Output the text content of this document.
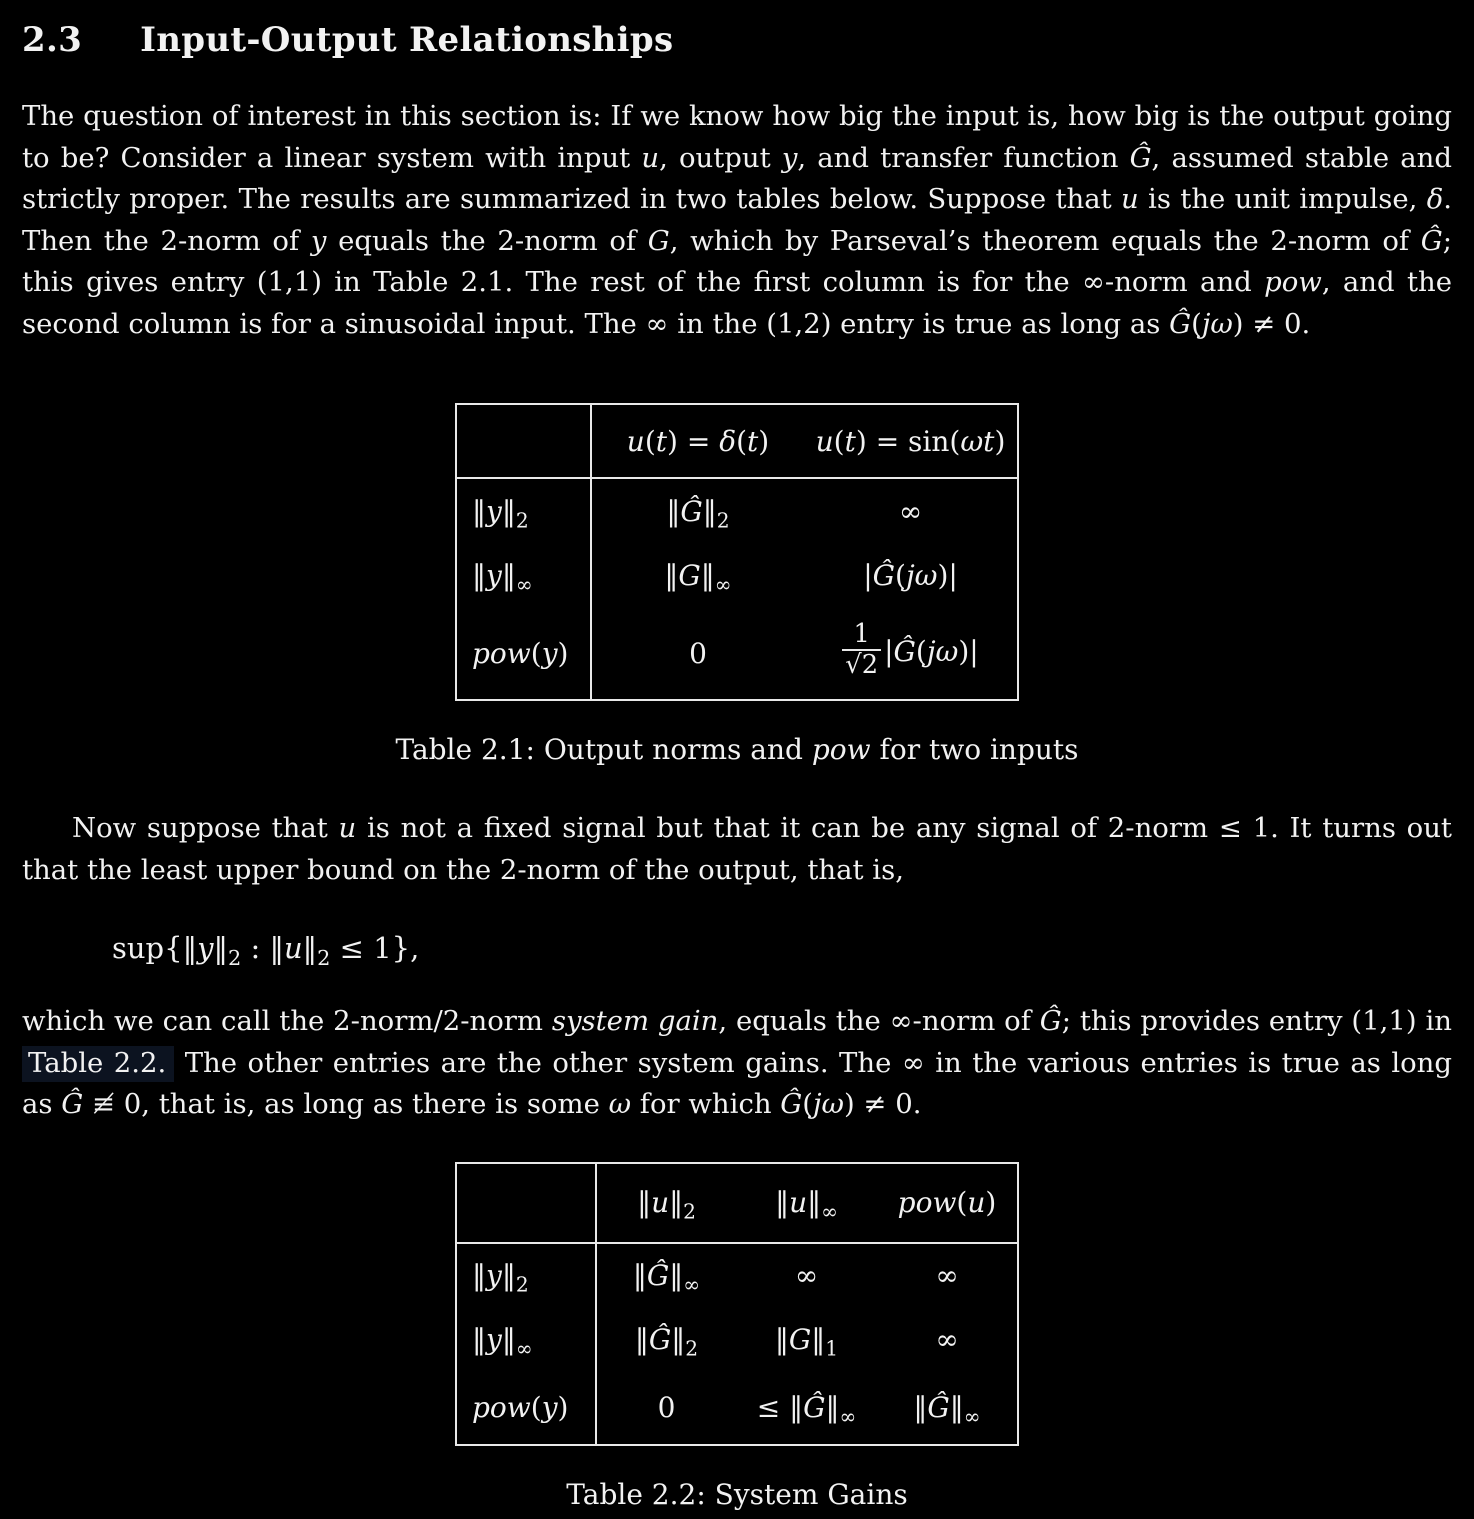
2.3 Input-Output Relationships

The question of interest in this section is: If we know how big the input is, how big is the output going to be? Consider a linear system with input u, output y, and transfer function Ĝ, assumed stable and strictly proper. The results are summarized in two tables below. Suppose that u is the unit impulse, δ. Then the 2-norm of y equals the 2-norm of G, which by Parseval’s theorem equals the 2-norm of Ĝ; this gives entry (1,1) in Table 2.1. The rest of the first column is for the ∞-norm and pow, and the second column is for a sinusoidal input. The ∞ in the (1,2) entry is true as long as Ĝ(jω) ≠ 0.

	u(t) = δ(t)	u(t) = sin(ωt)
$‖y‖_2$	$‖Ĝ‖_2$	∞
$‖y‖_\infty$	$‖G‖_\infty$	|Ĝ(jω)|
pow(y)	0	$\frac{1}{√2}$ |Ĝ(jω)|

Table 2.1: Output norms and pow for two inputs

Now suppose that u is not a fixed signal but that it can be any signal of 2-norm ≤ 1. It turns out that the least upper bound on the 2-norm of the output, that is,

$sup\{‖y‖_2$ : $‖u‖_2 \le 1$},

which we can call the 2-norm/2-norm system gain, equals the ∞-norm of Ĝ; this provides entry (1,1) in Table 2.2. The other entries are the other system gains. The ∞ in the various entries is true as long as Ĝ ≢ 0, that is, as long as there is some ω for which Ĝ(jω) ≠ 0.

	$‖u‖_2$	$‖u‖_\infty$	pow(u)
$‖y‖_2$	$‖Ĝ‖_\infty$	∞	∞
$‖y‖_\infty$	$‖Ĝ‖_2$	$‖G‖_1$	∞
pow(y)	0	≤ $‖Ĝ‖_\infty$	$‖Ĝ‖_\infty$

Table 2.2: System Gains
